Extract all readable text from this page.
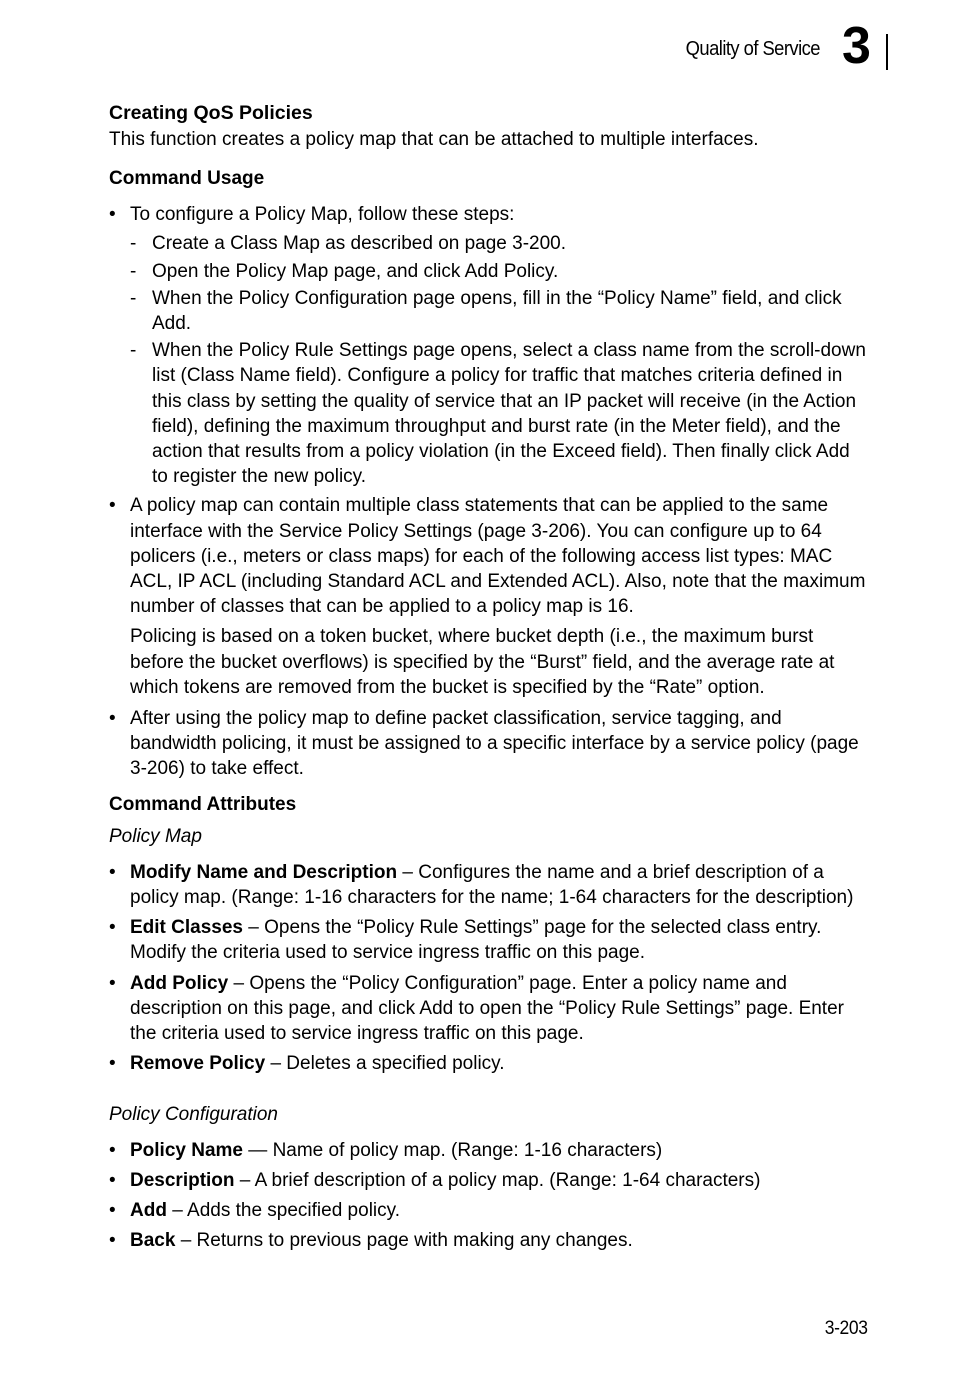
Quality of Service 3
Creating QoS Policies

This function creates a policy map that can be attached to multiple interfaces.

Command Usage
• To configure a Policy Map, follow these steps:
- Create a Class Map as described on page 3-200.
- Open the Policy Map page, and click Add Policy.
- When the Policy Configuration page opens, fill in the “Policy Name” field, and click Add.
- When the Policy Rule Settings page opens, select a class name from the scroll-down list (Class Name field). Configure a policy for traffic that matches criteria defined in this class by setting the quality of service that an IP packet will receive (in the Action field), defining the maximum throughput and burst rate (in the Meter field), and the action that results from a policy violation (in the Exceed field). Then finally click Add to register the new policy.

• A policy map can contain multiple class statements that can be applied to the same interface with the Service Policy Settings (page 3-206). You can configure up to 64 policers (i.e., meters or class maps) for each of the following access list types: MAC ACL, IP ACL (including Standard ACL and Extended ACL). Also, note that the maximum number of classes that can be applied to a policy map is 16.

Policing is based on a token bucket, where bucket depth (i.e., the maximum burst before the bucket overflows) is specified by the “Burst” field, and the average rate at which tokens are removed from the bucket is specified by the “Rate” option.

• After using the policy map to define packet classification, service tagging, and bandwidth policing, it must be assigned to a specific interface by a service policy (page 3-206) to take effect.
Command Attributes

Policy Map

• Modify Name and Description – Configures the name and a brief description of a policy map. (Range: 1-16 characters for the name; 1-64 characters for the description)
• Edit Classes – Opens the “Policy Rule Settings” page for the selected class entry. Modify the criteria used to service ingress traffic on this page.
• Add Policy – Opens the “Policy Configuration” page. Enter a policy name and description on this page, and click Add to open the “Policy Rule Settings” page. Enter the criteria used to service ingress traffic on this page.
• Remove Policy – Deletes a specified policy.

Policy Configuration

• Policy Name — Name of policy map. (Range: 1-16 characters)
• Description – A brief description of a policy map. (Range: 1-64 characters)
• Add – Adds the specified policy.
• Back – Returns to previous page with making any changes.
3-203
